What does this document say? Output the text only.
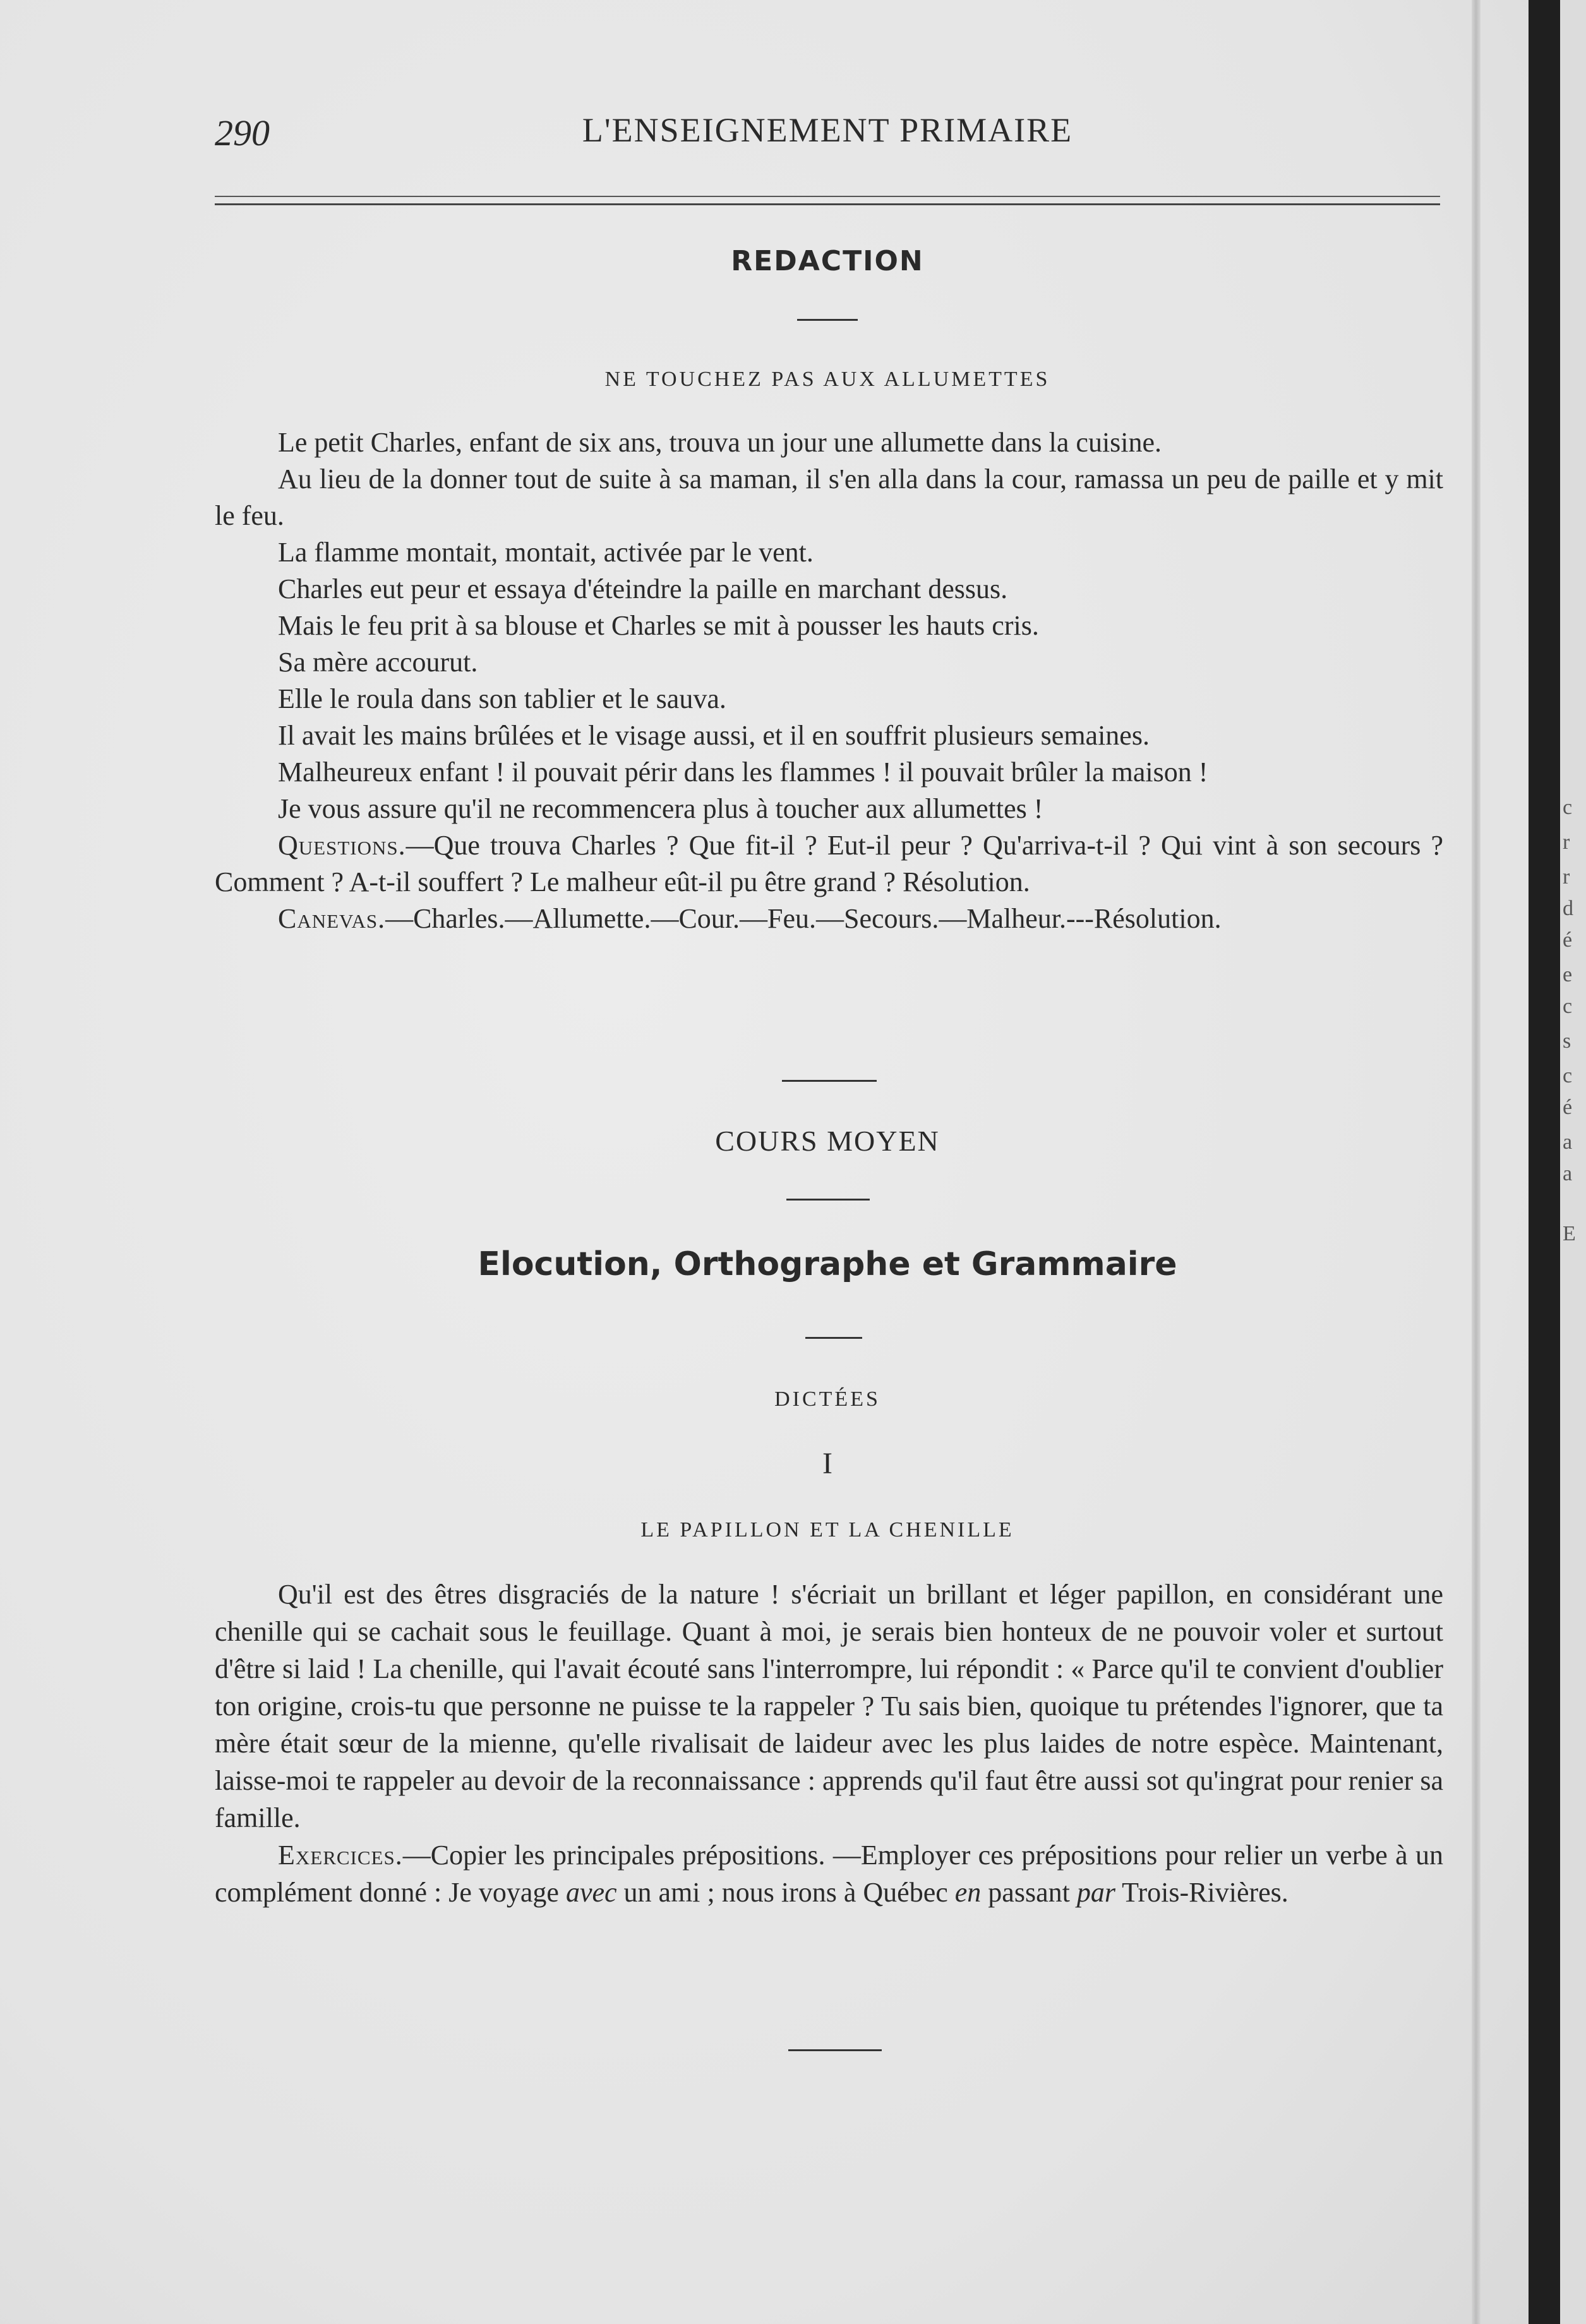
c
r
r
d
é
e
c
s
c
é
a
a
E
290	L'ENSEIGNEMENT PRIMAIRE
REDACTION
NE TOUCHEZ PAS AUX ALLUMETTES

Le petit Charles, enfant de six ans, trouva un jour une allumette dans la cuisine.

Au lieu de la donner tout de suite à sa maman, il s'en alla dans la cour, ramassa un peu de paille et y mit le feu.

La flamme montait, montait, activée par le vent.

Charles eut peur et essaya d'éteindre la paille en marchant dessus.

Mais le feu prit à sa blouse et Charles se mit à pousser les hauts cris.

Sa mère accourut.

Elle le roula dans son tablier et le sauva.

Il avait les mains brûlées et le visage aussi, et il en souffrit plusieurs semaines.

Malheureux enfant ! il pouvait périr dans les flammes ! il pouvait brûler la maison !

Je vous assure qu'il ne recommencera plus à toucher aux allumettes !

Questions.—Que trouva Charles ? Que fit-il ? Eut-il peur ? Qu'arriva-t-il ? Qui vint à son secours ? Comment ? A-t-il souffert ? Le malheur eût-il pu être grand ? Résolution.

Canevas.—Charles.—Allumette.—Cour.—Feu.—Secours.—Malheur.---Résolution.

COURS MOYEN
Elocution, Orthographe et Grammaire
DICTÉES
I
LE PAPILLON ET LA CHENILLE

Qu'il est des êtres disgraciés de la nature ! s'écriait un brillant et léger papillon, en considérant une chenille qui se cachait sous le feuillage. Quant à moi, je serais bien honteux de ne pouvoir voler et surtout d'être si laid ! La chenille, qui l'avait écouté sans l'interrompre, lui répondit : « Parce qu'il te convient d'oublier ton origine, crois-tu que personne ne puisse te la rappeler ? Tu sais bien, quoique tu prétendes l'ignorer, que ta mère était sœur de la mienne, qu'elle rivalisait de laideur avec les plus laides de notre espèce. Maintenant, laisse-moi te rappeler au devoir de la reconnaissance : apprends qu'il faut être aussi sot qu'ingrat pour renier sa famille.

Exercices.—Copier les principales prépositions. —Employer ces prépositions pour relier un verbe à un complément donné : Je voyage avec un ami ; nous irons à Québec en passant par Trois-Rivières.
